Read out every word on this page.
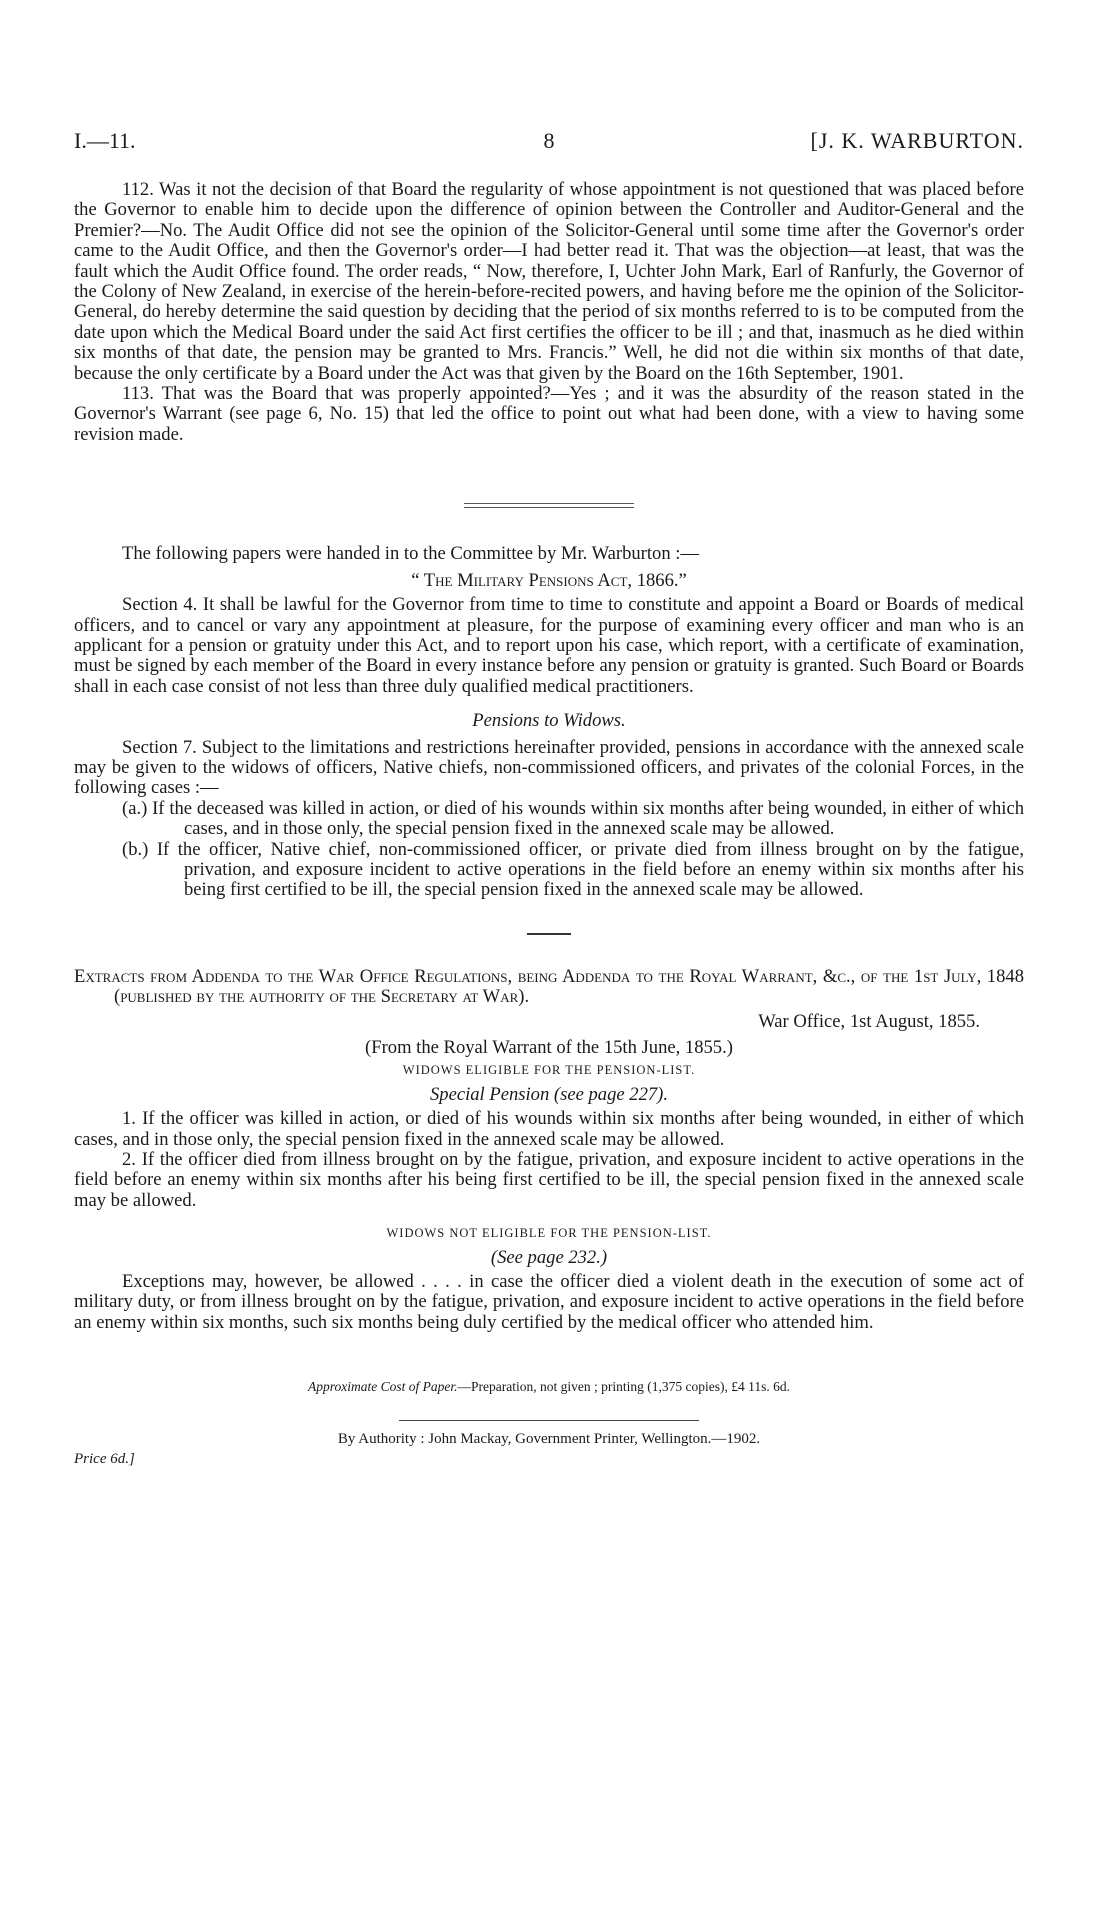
I.—11.	8	[J. K. WARBURTON.

112. Was it not the decision of that Board the regularity of whose appointment is not questioned that was placed before the Governor to enable him to decide upon the difference of opinion between the Controller and Auditor-General and the Premier?—No. The Audit Office did not see the opinion of the Solicitor-General until some time after the Governor's order came to the Audit Office, and then the Governor's order—I had better read it. That was the objection—at least, that was the fault which the Audit Office found. The order reads, “ Now, therefore, I, Uchter John Mark, Earl of Ranfurly, the Governor of the Colony of New Zealand, in exercise of the herein-before-recited powers, and having before me the opinion of the Solicitor-General, do hereby determine the said question by deciding that the period of six months referred to is to be computed from the date upon which the Medical Board under the said Act first certifies the officer to be ill ; and that, inasmuch as he died within six months of that date, the pension may be granted to Mrs. Francis.” Well, he did not die within six months of that date, because the only certificate by a Board under the Act was that given by the Board on the 16th September, 1901.

113. That was the Board that was properly appointed?—Yes ; and it was the absurdity of the reason stated in the Governor's Warrant (see page 6, No. 15) that led the office to point out what had been done, with a view to having some revision made.

The following papers were handed in to the Committee by Mr. Warburton :—

“ The Military Pensions Act, 1866.”

Section 4. It shall be lawful for the Governor from time to time to constitute and appoint a Board or Boards of medical officers, and to cancel or vary any appointment at pleasure, for the purpose of examining every officer and man who is an applicant for a pension or gratuity under this Act, and to report upon his case, which report, with a certificate of examination, must be signed by each member of the Board in every instance before any pension or gratuity is granted. Such Board or Boards shall in each case consist of not less than three duly qualified medical practitioners.

Pensions to Widows.

Section 7. Subject to the limitations and restrictions hereinafter provided, pensions in accordance with the annexed scale may be given to the widows of officers, Native chiefs, non-commissioned officers, and privates of the colonial Forces, in the following cases :—

(a.) If the deceased was killed in action, or died of his wounds within six months after being wounded, in either of which cases, and in those only, the special pension fixed in the annexed scale may be allowed.

(b.) If the officer, Native chief, non-commissioned officer, or private died from illness brought on by the fatigue, privation, and exposure incident to active operations in the field before an enemy within six months after his being first certified to be ill, the special pension fixed in the annexed scale may be allowed.

Extracts from Addenda to the War Office Regulations, being Addenda to the Royal Warrant, &c., of the 1st July, 1848 (published by the authority of the Secretary at War).

War Office, 1st August, 1855.

(From the Royal Warrant of the 15th June, 1855.)

WIDOWS ELIGIBLE FOR THE PENSION-LIST.

Special Pension (see page 227).

1. If the officer was killed in action, or died of his wounds within six months after being wounded, in either of which cases, and in those only, the special pension fixed in the annexed scale may be allowed.

2. If the officer died from illness brought on by the fatigue, privation, and exposure incident to active operations in the field before an enemy within six months after his being first certified to be ill, the special pension fixed in the annexed scale may be allowed.

WIDOWS NOT ELIGIBLE FOR THE PENSION-LIST.

(See page 232.)

Exceptions may, however, be allowed . . . . in case the officer died a violent death in the execution of some act of military duty, or from illness brought on by the fatigue, privation, and exposure incident to active operations in the field before an enemy within six months, such six months being duly certified by the medical officer who attended him.

Approximate Cost of Paper.—Preparation, not given ; printing (1,375 copies), £4 11s. 6d.

By Authority : John Mackay, Government Printer, Wellington.—1902.

Price 6d.]
